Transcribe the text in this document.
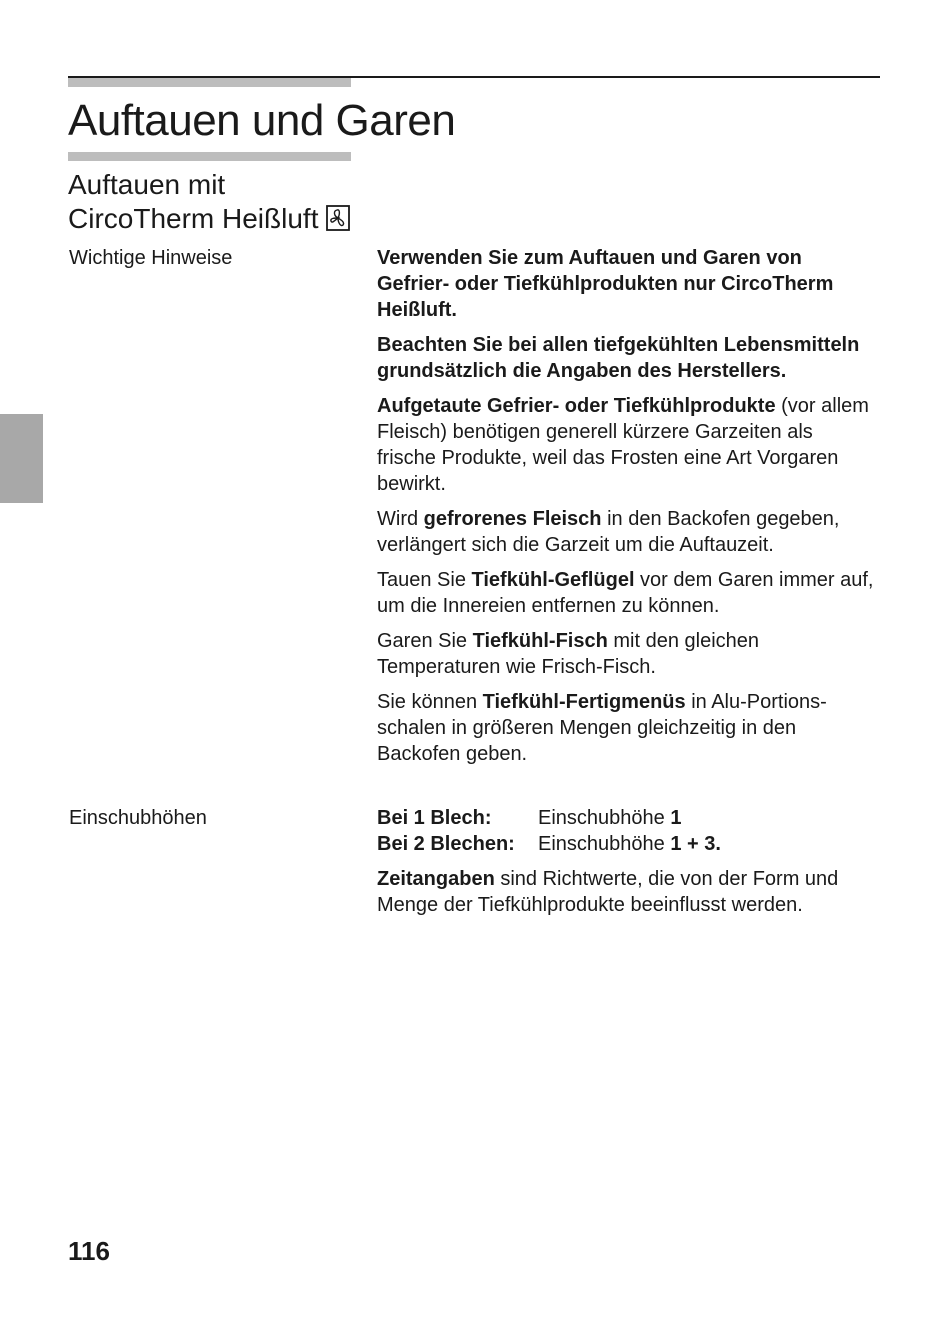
Auftauen und Garen
Auftauen mit
CircoTherm Heißluft
Wichtige Hinweise	Verwenden Sie zum Auftauen und Garen von Gefrier- oder Tiefkühlprodukten nur CircoTherm Heißluft.

Beachten Sie bei allen tiefgekühlten Lebensmitteln grundsätzlich die Angaben des Herstellers.

Aufgetaute Gefrier- oder Tiefkühlprodukte (vor allem Fleisch) benötigen generell kürzere Garzeiten als frische Produkte, weil das Frosten eine Art Vorgaren bewirkt.

Wird gefrorenes Fleisch in den Backofen gegeben, verlängert sich die Garzeit um die Auftauzeit.

Tauen Sie Tiefkühl-Geflügel vor dem Garen immer auf, um die Innereien entfernen zu können.

Garen Sie Tiefkühl-Fisch mit den gleichen Temperaturen wie Frisch-Fisch.

Sie können Tiefkühl-Fertigmenüs in Alu-Portions-schalen in größeren Mengen gleichzeitig in den Backofen geben.

Einschubhöhen	Bei 1 Blech:	Einschubhöhe 1
Bei 2 Blechen:	Einschubhöhe 1 + 3.

Zeitangaben sind Richtwerte, die von der Form und Menge der Tiefkühlprodukte beeinflusst werden.

116
